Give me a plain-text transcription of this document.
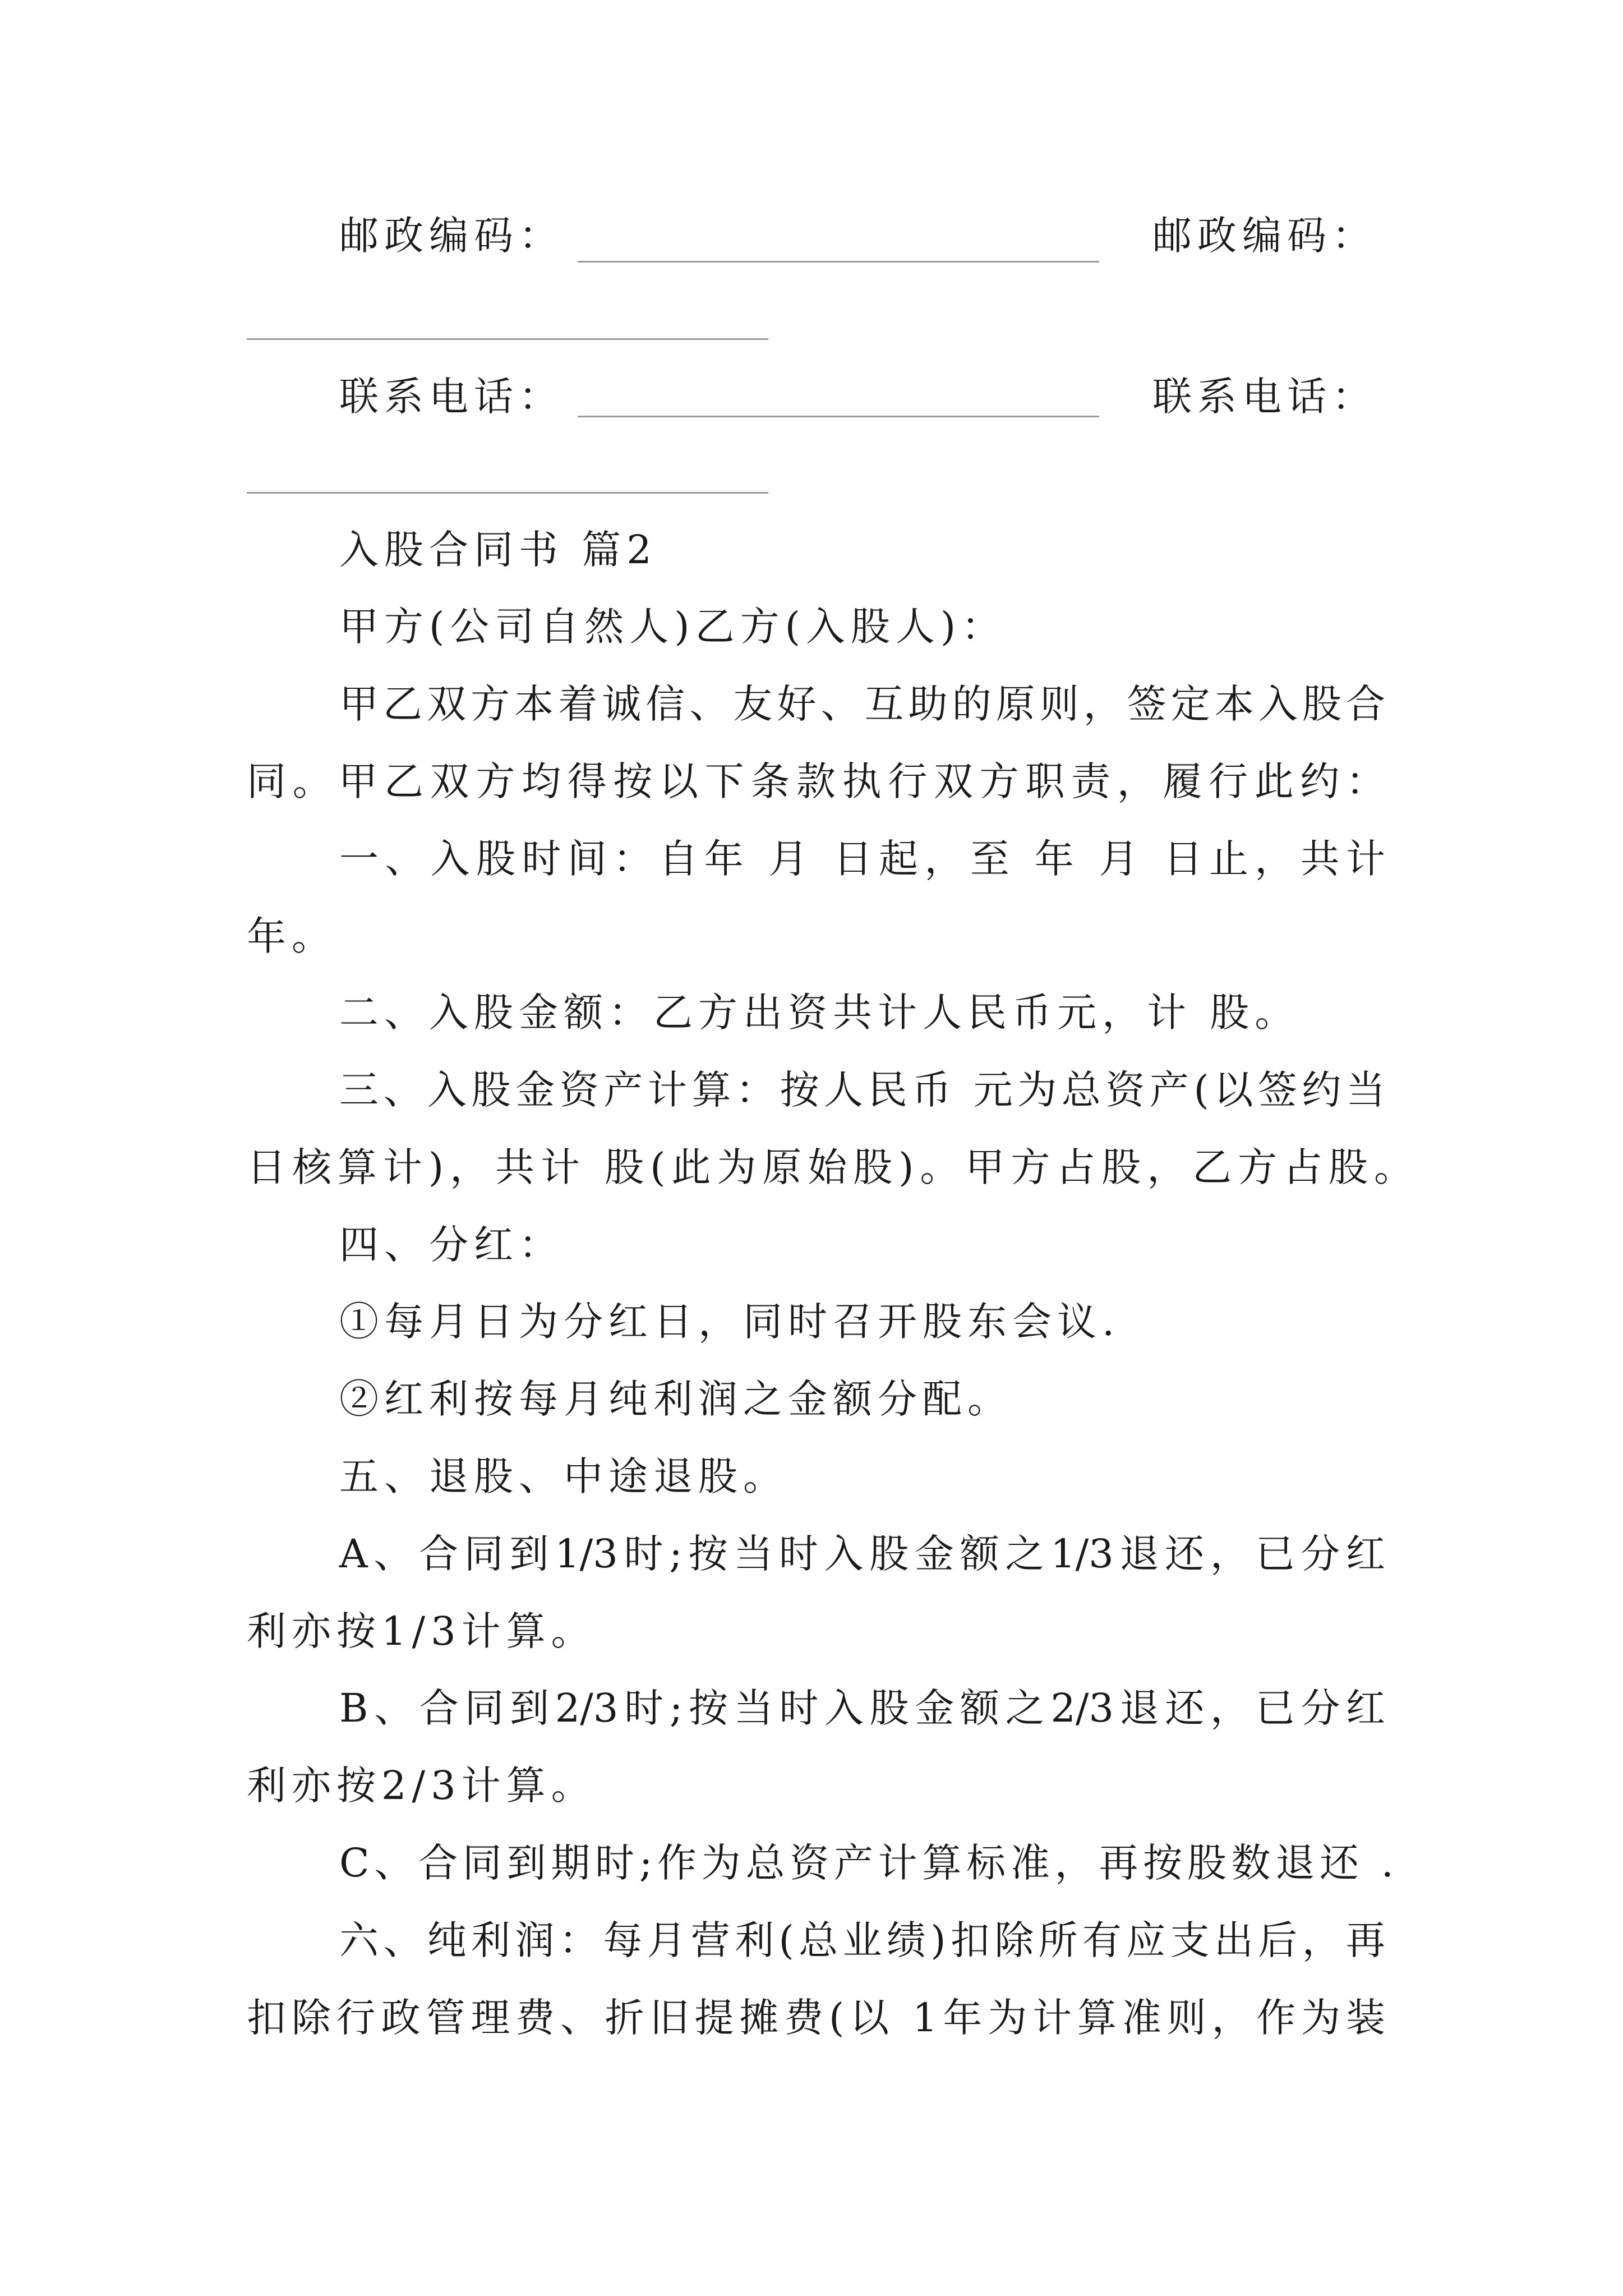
邮政编码：	邮政编码：
联系电话：	联系电话：
入股合同书 篇2
甲方(公司自然人)乙方(入股人)：
甲乙双方本着诚信、友好、互助的原则，签定本入股合
同。甲乙双方均得按以下条款执行双方职责，履行此约：
一、入股时间：自年 月 日起，至 年 月 日止，共计
年。
二、入股金额：乙方出资共计人民币元，计 股。
三、入股金资产计算：按人民币 元为总资产(以签约当
日核算计)，共计 股(此为原始股)。甲方占股，乙方占股。
四、分红：
①每月日为分红日，同时召开股东会议.
②红利按每月纯利润之金额分配。
五、退股、中途退股。
A、合同到1/3时;按当时入股金额之1/3退还，已分红
利亦按1/3计算。
B、合同到2/3时;按当时入股金额之2/3退还，已分红
利亦按2/3计算。
C、合同到期时;作为总资产计算标准，再按股数退还 .
六、纯利润：每月营利(总业绩)扣除所有应支出后，再
扣除行政管理费、折旧提摊费(以 1年为计算准则，作为装
